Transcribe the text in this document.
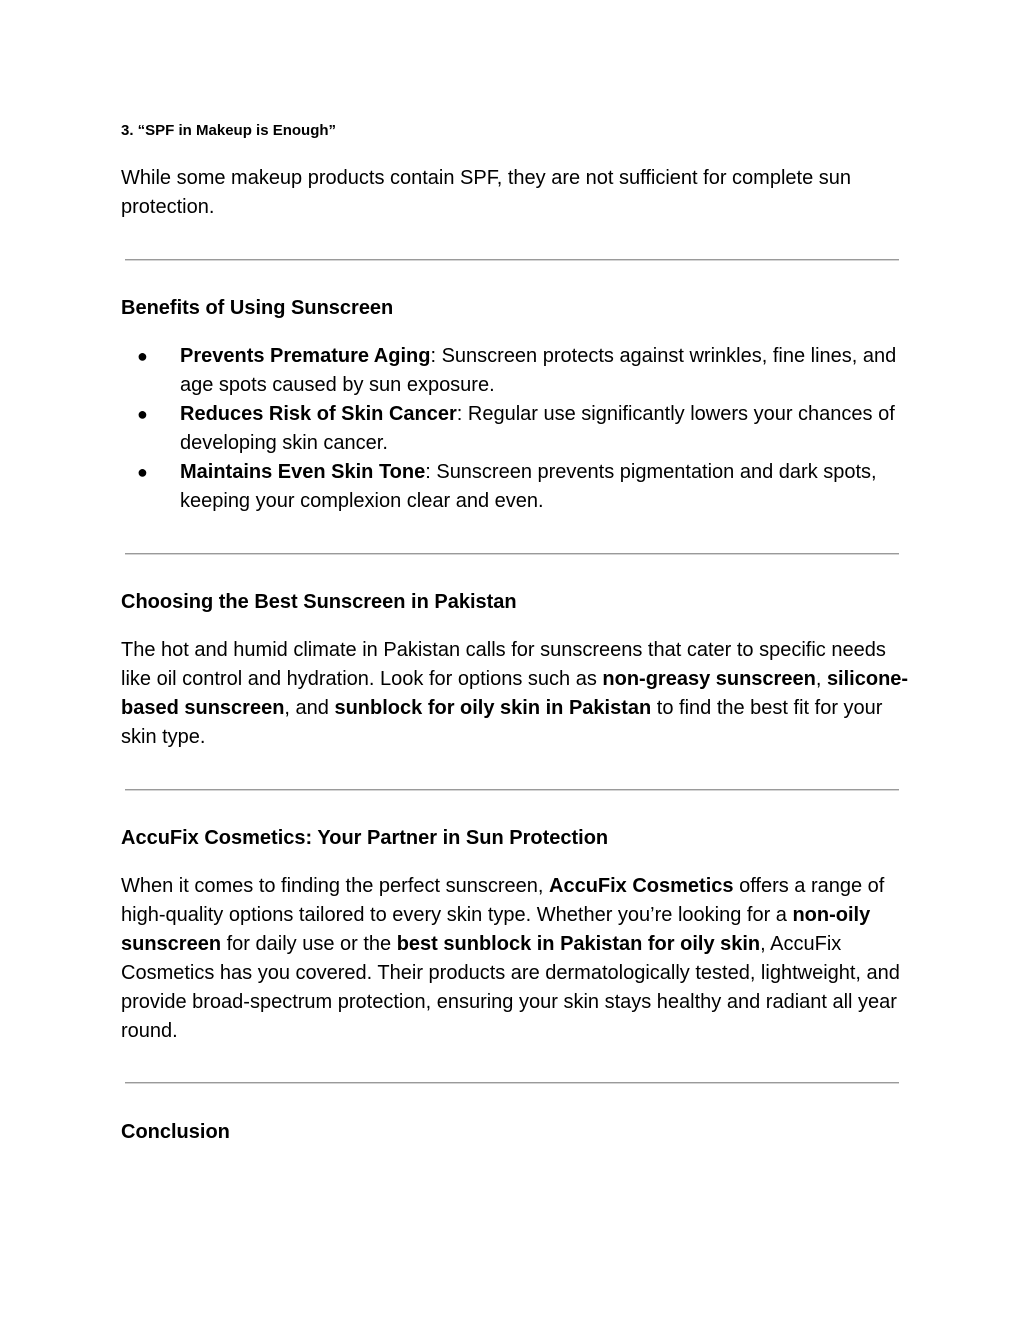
3. “SPF in Makeup is Enough”

While some makeup products contain SPF, they are not sufficient for complete sun protection.

Benefits of Using Sunscreen
●	Prevents Premature Aging: Sunscreen protects against wrinkles, fine lines, and age spots caused by sun exposure.
●	Reduces Risk of Skin Cancer: Regular use significantly lowers your chances of developing skin cancer.
●	Maintains Even Skin Tone: Sunscreen prevents pigmentation and dark spots, keeping your complexion clear and even.
Choosing the Best Sunscreen in Pakistan

The hot and humid climate in Pakistan calls for sunscreens that cater to specific needs like oil control and hydration. Look for options such as non-greasy sunscreen, silicone-based sunscreen, and sunblock for oily skin in Pakistan to find the best fit for your skin type.

AccuFix Cosmetics: Your Partner in Sun Protection

When it comes to finding the perfect sunscreen, AccuFix Cosmetics offers a range of high-quality options tailored to every skin type. Whether you’re looking for a non-oily sunscreen for daily use or the best sunblock in Pakistan for oily skin, AccuFix Cosmetics has you covered. Their products are dermatologically tested, lightweight, and provide broad-spectrum protection, ensuring your skin stays healthy and radiant all year round.

Conclusion
